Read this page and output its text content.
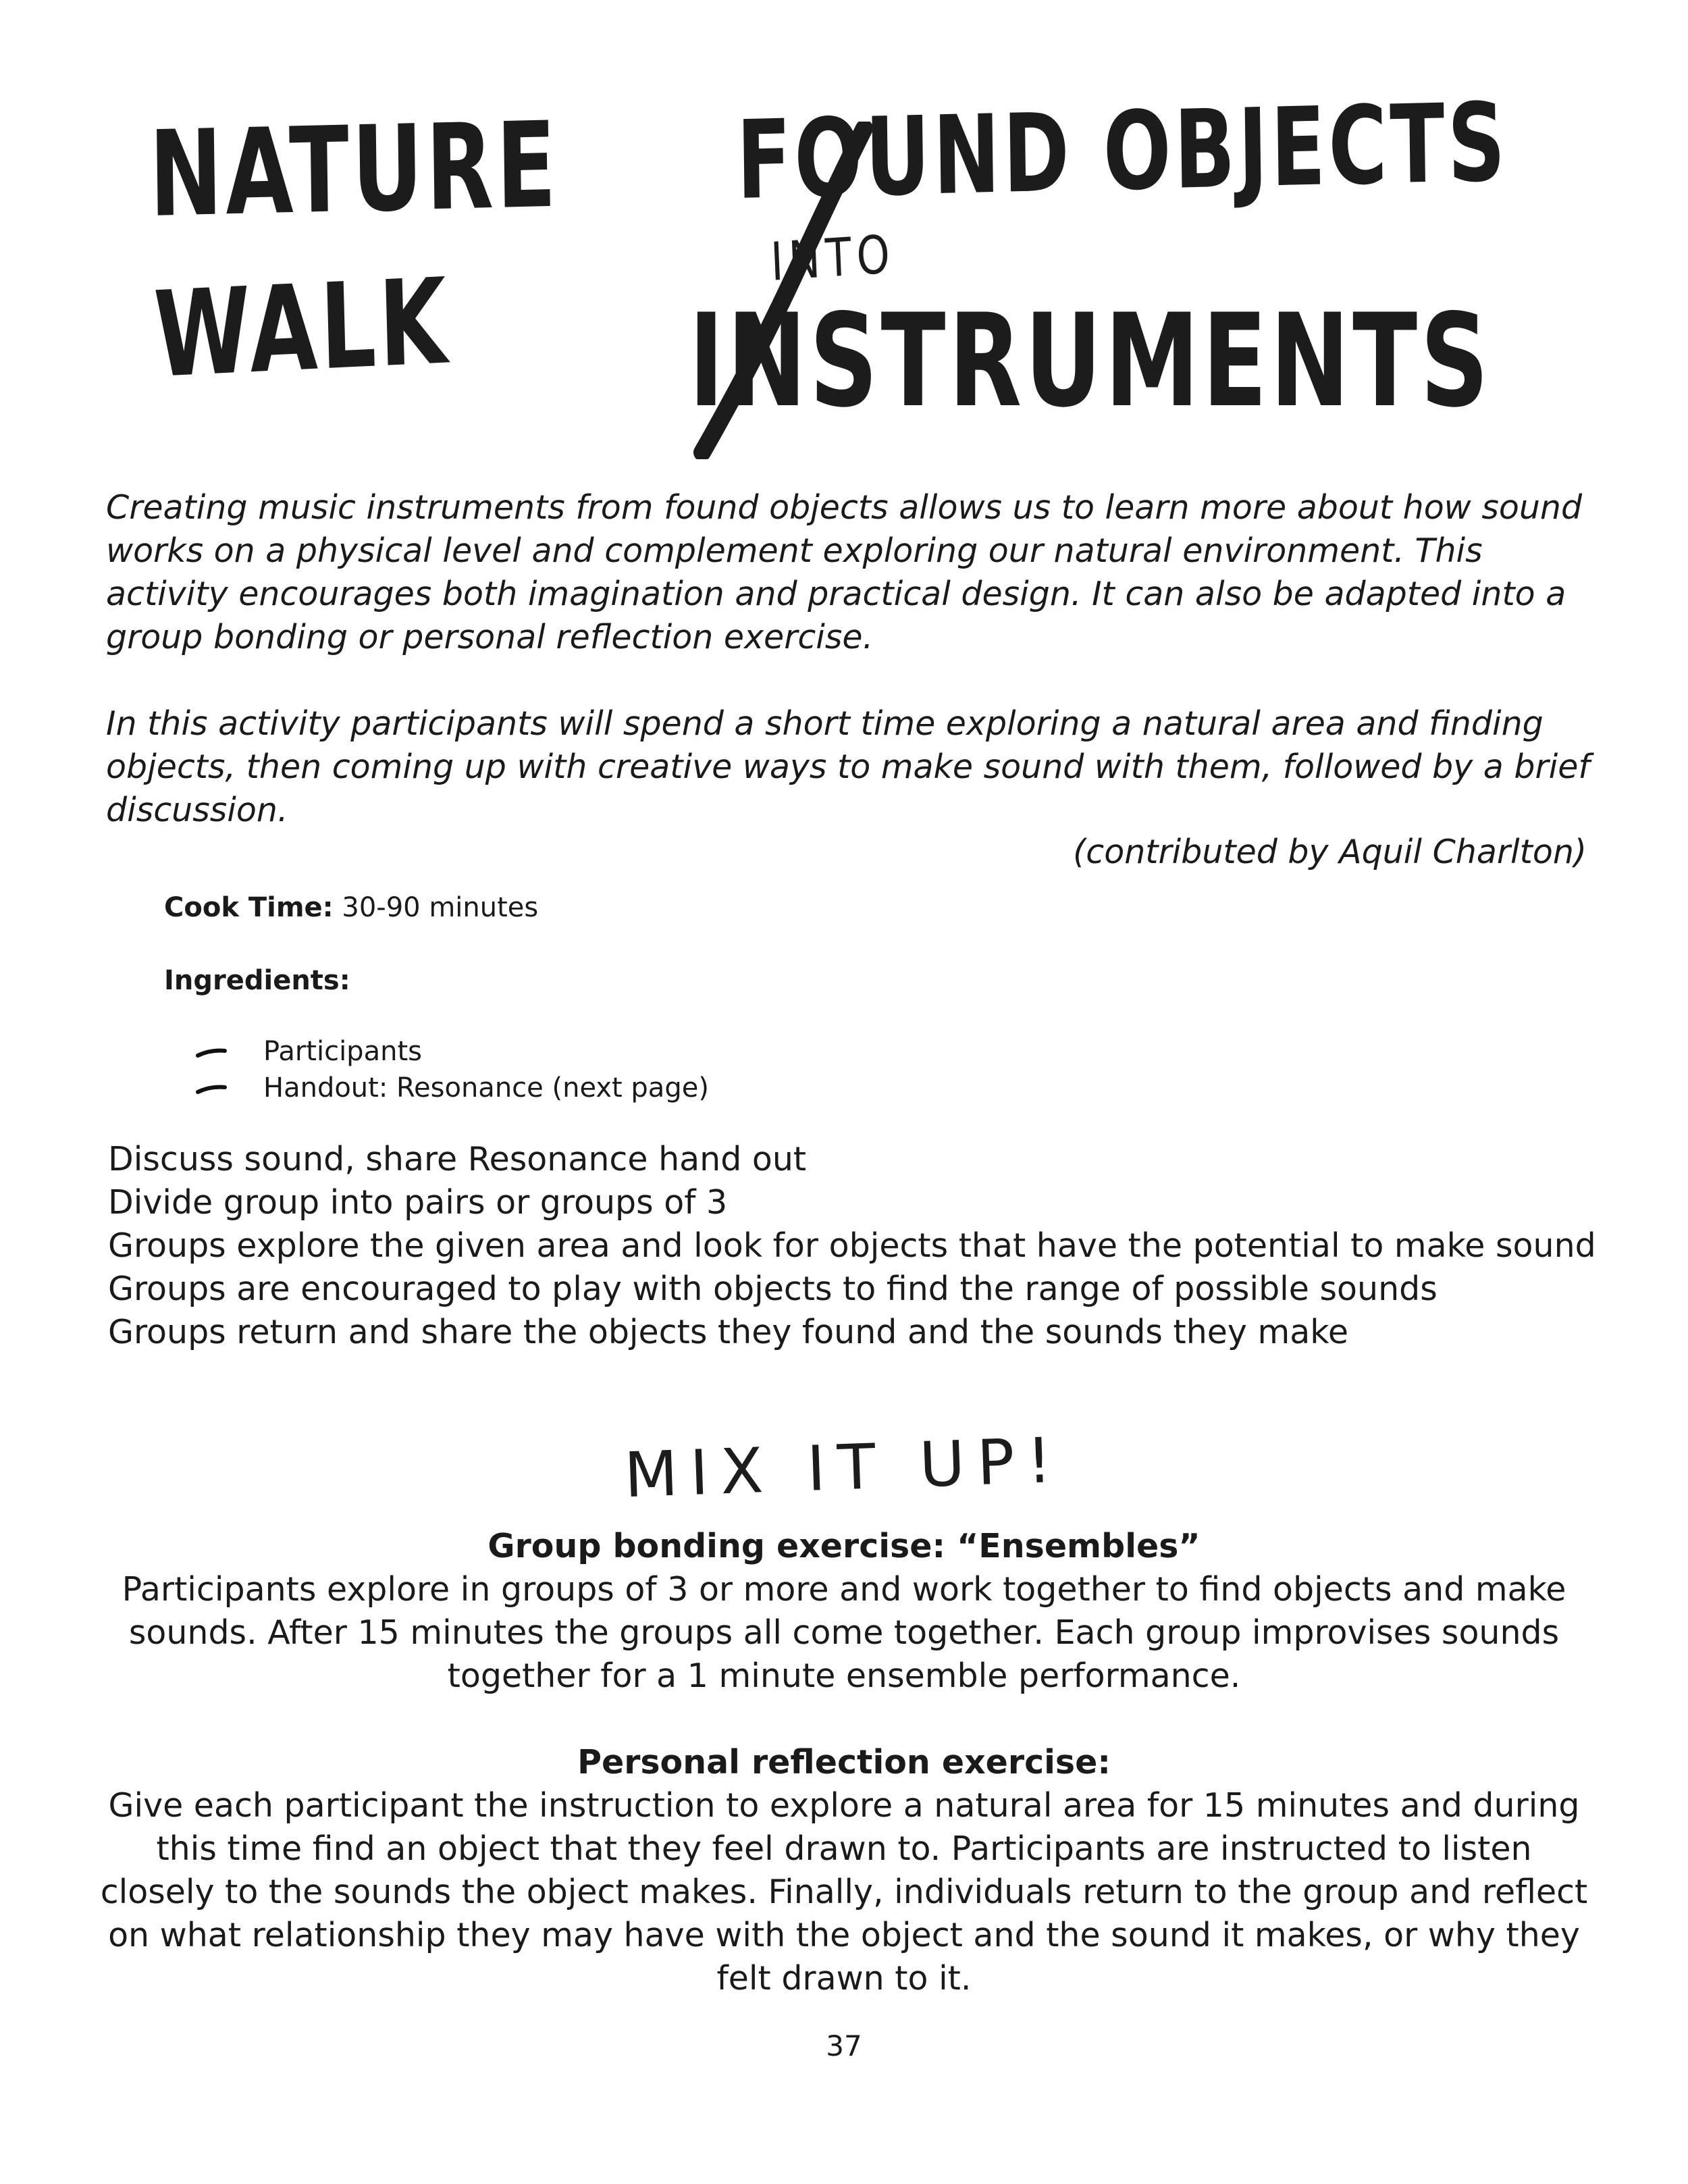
NATURE
WALK
FOUND OBJECTS
INTO
INSTRUMENTS

Creating music instruments from found objects allows us to learn more about how sound works on a physical level and complement exploring our natural environment. This activity encourages both imagination and practical design. It can also be adapted into a group bonding or personal reflection exercise.

In this activity participants will spend a short time exploring a natural area and finding objects, then coming up with creative ways to make sound with them, followed by a brief discussion.

(contributed by Aquil Charlton)

Cook Time: 30-90 minutes

Ingredients:

Participants
Handout: Resonance (next page)
Discuss sound, share Resonance hand out
Divide group into pairs or groups of 3
Groups explore the given area and look for objects that have the potential to make sound
Groups are encouraged to play with objects to find the range of possible sounds
Groups return and share the objects they found and the sounds they make

MIX IT UP!

Group bonding exercise: “Ensembles”

Participants explore in groups of 3 or more and work together to find objects and make sounds. After 15 minutes the groups all come together. Each group improvises sounds together for a 1 minute ensemble performance.

Personal reflection exercise:

Give each participant the instruction to explore a natural area for 15 minutes and during this time find an object that they feel drawn to. Participants are instructed to listen closely to the sounds the object makes. Finally, individuals return to the group and reflect on what relationship they may have with the object and the sound it makes, or why they felt drawn to it.

37
